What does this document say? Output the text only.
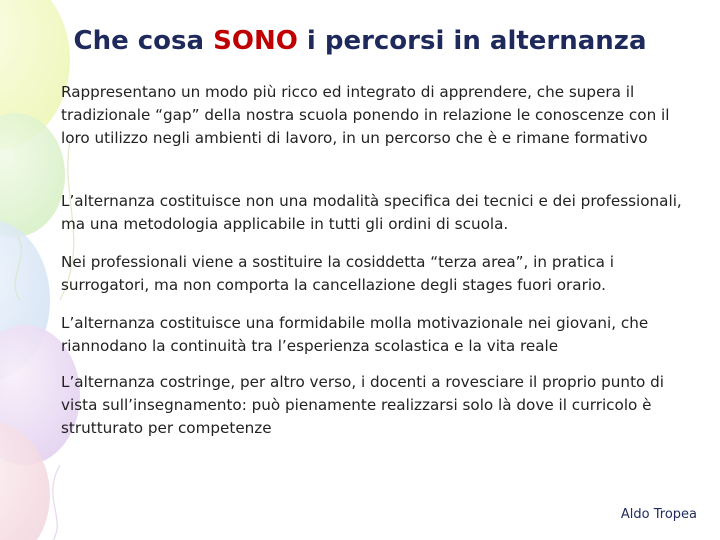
Che cosa SONO i percorsi in alternanza

Rappresentano un modo più ricco ed integrato di apprendere, che supera il tradizionale “gap” della nostra scuola ponendo in relazione le conoscenze con il loro utilizzo negli ambienti di lavoro, in un percorso che è e rimane formativo

L’alternanza costituisce non una modalità specifica dei tecnici e dei professionali, ma una metodologia applicabile in tutti gli ordini di scuola.

Nei professionali viene a sostituire la cosiddetta “terza area”, in pratica i surrogatori, ma non comporta la cancellazione degli stages fuori orario.

L’alternanza costituisce una formidabile molla motivazionale nei giovani, che riannodano la continuità tra l’esperienza scolastica e la vita reale

L’alternanza costringe, per altro verso, i docenti a rovesciare il proprio punto di vista sull’insegnamento: può pienamente realizzarsi solo là dove il curricolo è strutturato per competenze

Aldo Tropea
